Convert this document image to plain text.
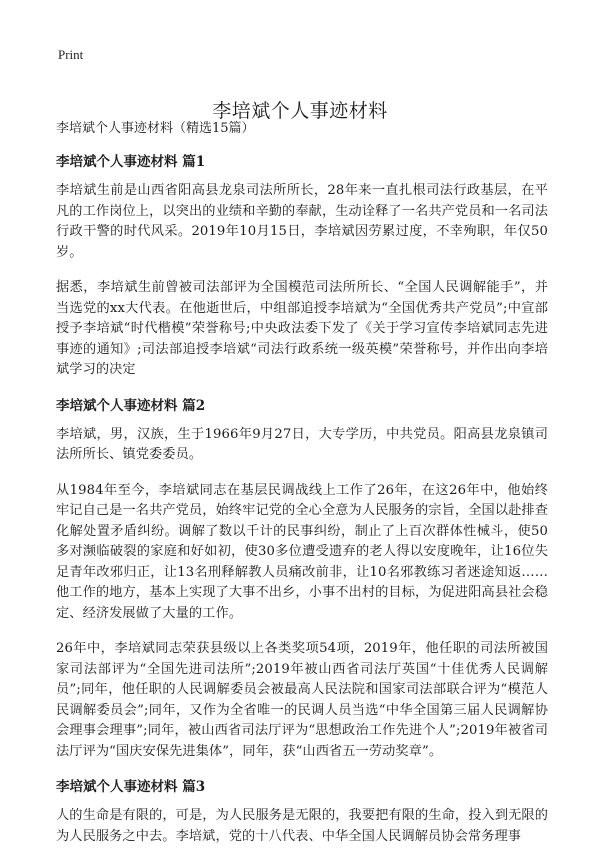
Print
李培斌个人事迹材料

李培斌个人事迹材料（精选15篇）

李培斌个人事迹材料 篇1

李培斌生前是山西省阳高县龙泉司法所所长，28年来一直扎根司法行政基层，在平凡的工作岗位上，以突出的业绩和辛勤的奉献，生动诠释了一名共产党员和一名司法行政干警的时代风采。2019年10月15日，李培斌因劳累过度，不幸殉职，年仅50岁。

据悉，李培斌生前曾被司法部评为全国模范司法所所长、“全国人民调解能手”，并当选党的xx大代表。在他逝世后，中组部追授李培斌为“全国优秀共产党员”;中宣部授予李培斌“时代楷模”荣誉称号;中央政法委下发了《关于学习宣传李培斌同志先进事迹的通知》;司法部追授李培斌“司法行政系统一级英模”荣誉称号，并作出向李培斌学习的决定

李培斌个人事迹材料 篇2

李培斌，男，汉族，生于1966年9月27日，大专学历，中共党员。阳高县龙泉镇司法所所长、镇党委委员。

从1984年至今，李培斌同志在基层民调战线上工作了26年，在这26年中，他始终牢记自己是一名共产党员，始终牢记党的全心全意为人民服务的宗旨，全国以赴排查化解处置矛盾纠纷。调解了数以千计的民事纠纷，制止了上百次群体性械斗，使50多对濒临破裂的家庭和好如初，使30多位遭受遗弃的老人得以安度晚年，让16位失足青年改邪归正，让13名刑释解教人员痛改前非，让10名邪教练习者迷途知返……他工作的地方，基本上实现了大事不出乡，小事不出村的目标，为促进阳高县社会稳定、经济发展做了大量的工作。

26年中，李培斌同志荣获县级以上各类奖项54项，2019年，他任职的司法所被国家司法部评为“全国先进司法所”;2019年被山西省司法厅英国“十佳优秀人民调解员”;同年，他任职的人民调解委员会被最高人民法院和国家司法部联合评为“模范人民调解委员会”;同年，又作为全省唯一的民调人员当选“中华全国第三届人民调解协会理事会理事”;同年，被山西省司法厅评为“思想政治工作先进个人”;2019年被省司法厅评为“国庆安保先进集体”，同年，获“山西省五一劳动奖章”。

李培斌个人事迹材料 篇3

人的生命是有限的，可是，为人民服务是无限的，我要把有限的生命，投入到无限的为人民服务之中去。李培斌，党的十八代表、中华全国人民调解员协会常务理事
